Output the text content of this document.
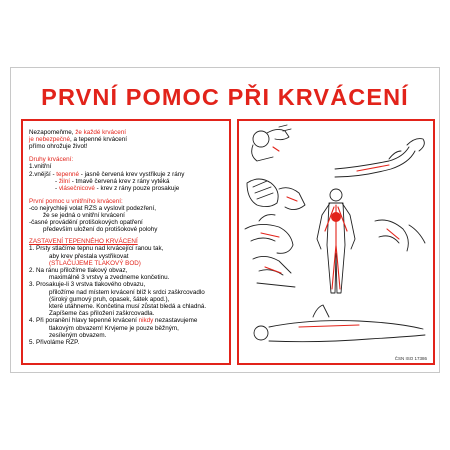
PRVNÍ POMOC PŘI KRVÁCENÍ

Nezapomeňme, že každé krvácení
je nebezpečné, a tepenné krvácení
přímo ohrožuje život!

Druhy krvácení:
1.vnitřní
2.vnější - tepenné - jasně červená krev vystřikuje z rány
- žilní - tmavě červená krev z rány vytéká
- vlásečnicové - krev z rány pouze prosakuje

První pomoc u vnitřního krvácení:
-co nejrychleji volat RZS a vyslovit podezření,
že se jedná o vnitřní krvácení
-časné provádění protišokových opatření
především uložení do protišokové polohy

ZASTAVENÍ TEPENNÉHO KRVÁCENÍ
1. Prsty stlačíme tepnu nad krvácející ranou tak,
aby krev přestala vystřikovat
(STLAČUJEME TLAKOVÝ BOD)
2. Na ránu přiložíme tlakový obvaz,
maximálně 3 vrstvy a zvedneme končetinu.
3. Prosakuje-li 3 vrstva tlakového obvazu,
přiložíme nad místem krvácení blíž k srdci zaškrcovadlo
(široký gumový pruh, opasek, šátek apod.),
které utáhneme. Končetina musí zůstat bledá a chladná.
Zapíšeme čas přiložení zaškrcovadla.
4. Při poranění hlavy tepenné krvácení nikdy nezastavujeme
tlakovým obvazem! Krvjeme je pouze běžným,
zesíleným obvazem.
5. Přivoláme RZP.

ČSN ISO 17386
